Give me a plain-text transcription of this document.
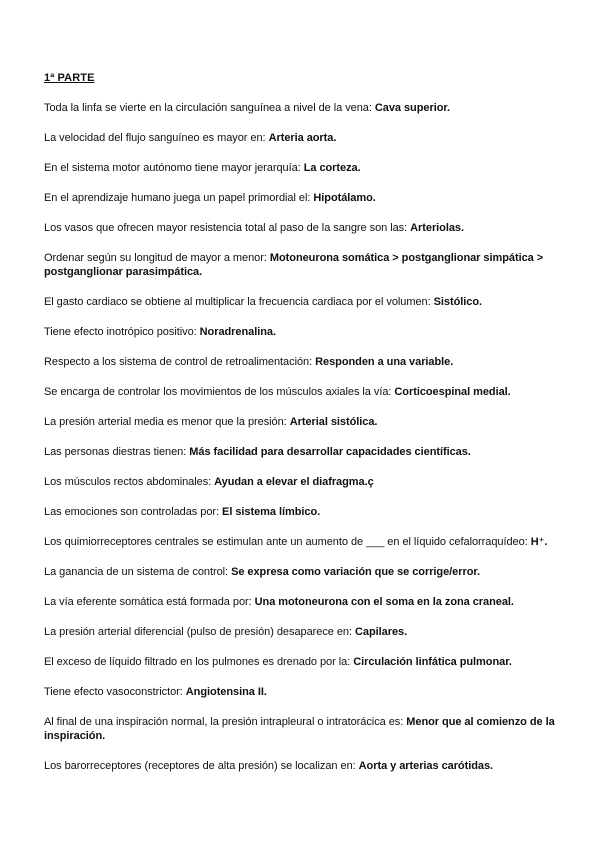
1ª PARTE
Toda la linfa se vierte en la circulación sanguínea a nivel de la vena: Cava superior.
La velocidad del flujo sanguíneo es mayor en: Arteria aorta.
En el sistema motor autónomo tiene mayor jerarquía: La corteza.
En el aprendizaje humano juega un papel primordial el: Hipotálamo.
Los vasos que ofrecen mayor resistencia total al paso de la sangre son las: Arteriolas.
Ordenar según su longitud de mayor a menor: Motoneurona somática > postganglionar simpática > postganglionar parasimpática.
El gasto cardiaco se obtiene al multiplicar la frecuencia cardiaca por el volumen: Sistólico.
Tiene efecto inotrópico positivo: Noradrenalina.
Respecto a los sistema de control de retroalimentación: Responden a una variable.
Se encarga de controlar los movimientos de los músculos axiales la vía: Corticoespinal medial.
La presión arterial media es menor que la presión: Arterial sistólica.
Las personas diestras tienen: Más facilidad para desarrollar capacidades científicas.
Los músculos rectos abdominales: Ayudan a elevar el diafragma.ç
Las emociones son controladas por: El sistema límbico.
Los quimiorreceptores centrales se estimulan ante un aumento de ___ en el líquido cefalorraquídeo: H⁺.
La ganancia de un sistema de control: Se expresa como variación que se corrige/error.
La vía eferente somática está formada por: Una motoneurona con el soma en la zona craneal.
La presión arterial diferencial (pulso de presión) desaparece en: Capilares.
El exceso de líquido filtrado en los pulmones es drenado por la: Circulación linfática pulmonar.
Tiene efecto vasoconstrictor: Angiotensina II.
Al final de una inspiración normal, la presión intrapleural o intratorácica es: Menor que al comienzo de la inspiración.
Los barorreceptores (receptores de alta presión) se localizan en: Aorta y arterias carótidas.
